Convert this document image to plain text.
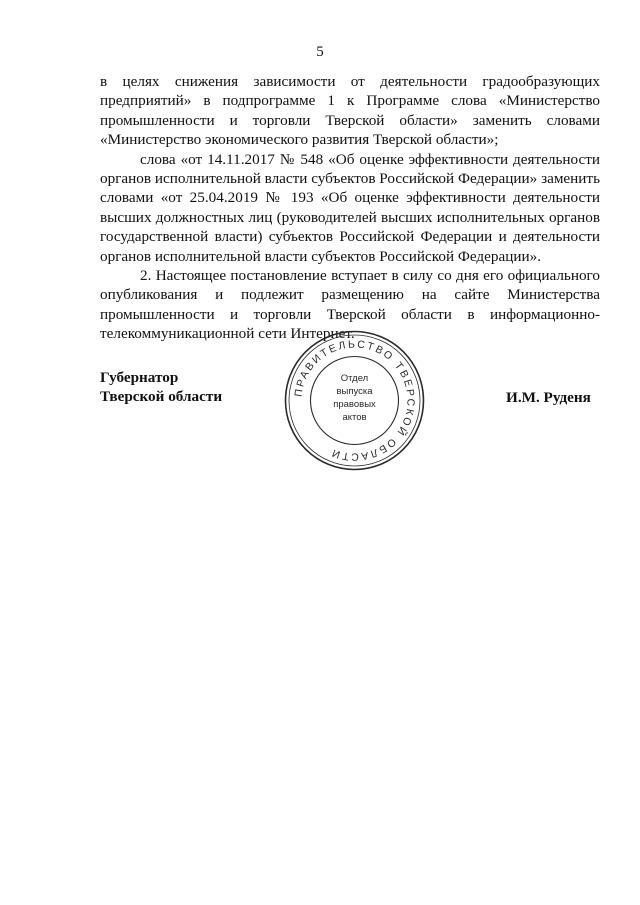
5

в целях снижения зависимости от деятельности градообразующих предприятий» в подпрограмме 1 к Программе слова «Министерство промышленности и торговли Тверской области» заменить словами «Министерство экономического развития Тверской области»;

слова «от 14.11.2017 № 548 «Об оценке эффективности деятельности органов исполнительной власти субъектов Российской Федерации» заменить словами «от 25.04.2019 № 193 «Об оценке эффективности деятельности высших должностных лиц (руководителей высших исполнительных органов государственной власти) субъектов Российской Федерации и деятельности органов исполнительной власти субъектов Российской Федерации».

2. Настоящее постановление вступает в силу со дня его официального опубликования и подлежит размещению на сайте Министерства промышленности и торговли Тверской области в информационно-телекоммуникационной сети Интернет.

Губернатор
Тверской области	И.М. Руденя
ПРАВИТЕЛЬСТВО ТВЕРСКОЙ ОБЛАСТИ
Отдел
выпуска
правовых
актов
